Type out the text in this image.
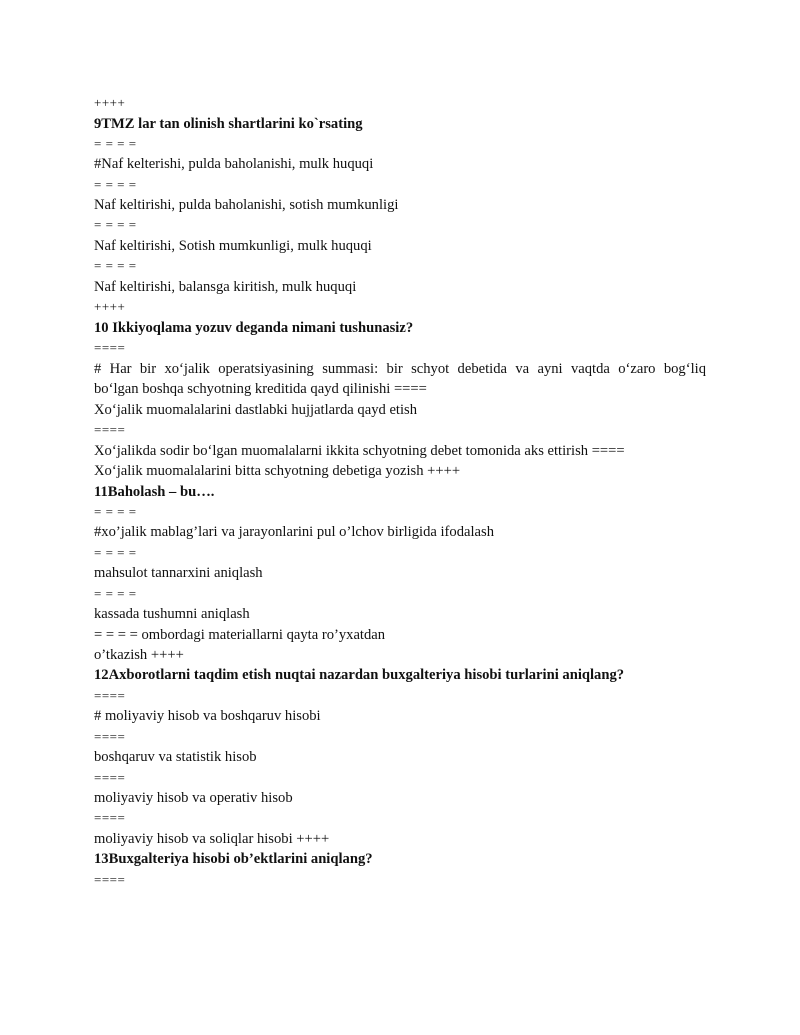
++++
9TMZ lar tan olinish shartlarini ko`rsating
= = = =
#Naf kelterishi, pulda baholanishi, mulk huquqi
= = = =
Naf keltirishi, pulda baholanishi, sotish mumkunligi
= = = =
Naf keltirishi, Sotish mumkunligi, mulk huquqi
= = = =
Naf keltirishi, balansga kiritish, mulk huquqi
++++
10 Ikkiyoqlama yozuv deganda nimani tushunasiz?
====
# Har bir xo‘jalik operatsiyasining summasi: bir schyot debetida va ayni vaqtda o‘zaro bog‘liq
bo‘lgan boshqa schyotning kreditida qayd qilinishi ====
Xo‘jalik muomalalarini dastlabki hujjatlarda qayd etish
====
Xo‘jalikda sodir bo‘lgan muomalalarni ikkita schyotning debet tomonida aks ettirish ====
Xo‘jalik muomalalarini bitta schyotning debetiga yozish ++++
11Baholash – bu….
= = = =
#xo’jalik mablag’lari va jarayonlarini pul o’lchov birligida ifodalash
= = = =
mahsulot tannarxini aniqlash
= = = =
kassada tushumni aniqlash
= = = = ombordagi materiallarni qayta ro’yxatdan
o’tkazish ++++
12Axborotlarni taqdim etish nuqtai nazardan buxgalteriya hisobi turlarini aniqlang?
====
# moliyaviy hisob va boshqaruv hisobi
====
boshqaruv va statistik hisob
====
moliyaviy hisob va operativ hisob
====
moliyaviy hisob va soliqlar hisobi ++++
13Buxgalteriya hisobi ob’ektlarini aniqlang?
====
